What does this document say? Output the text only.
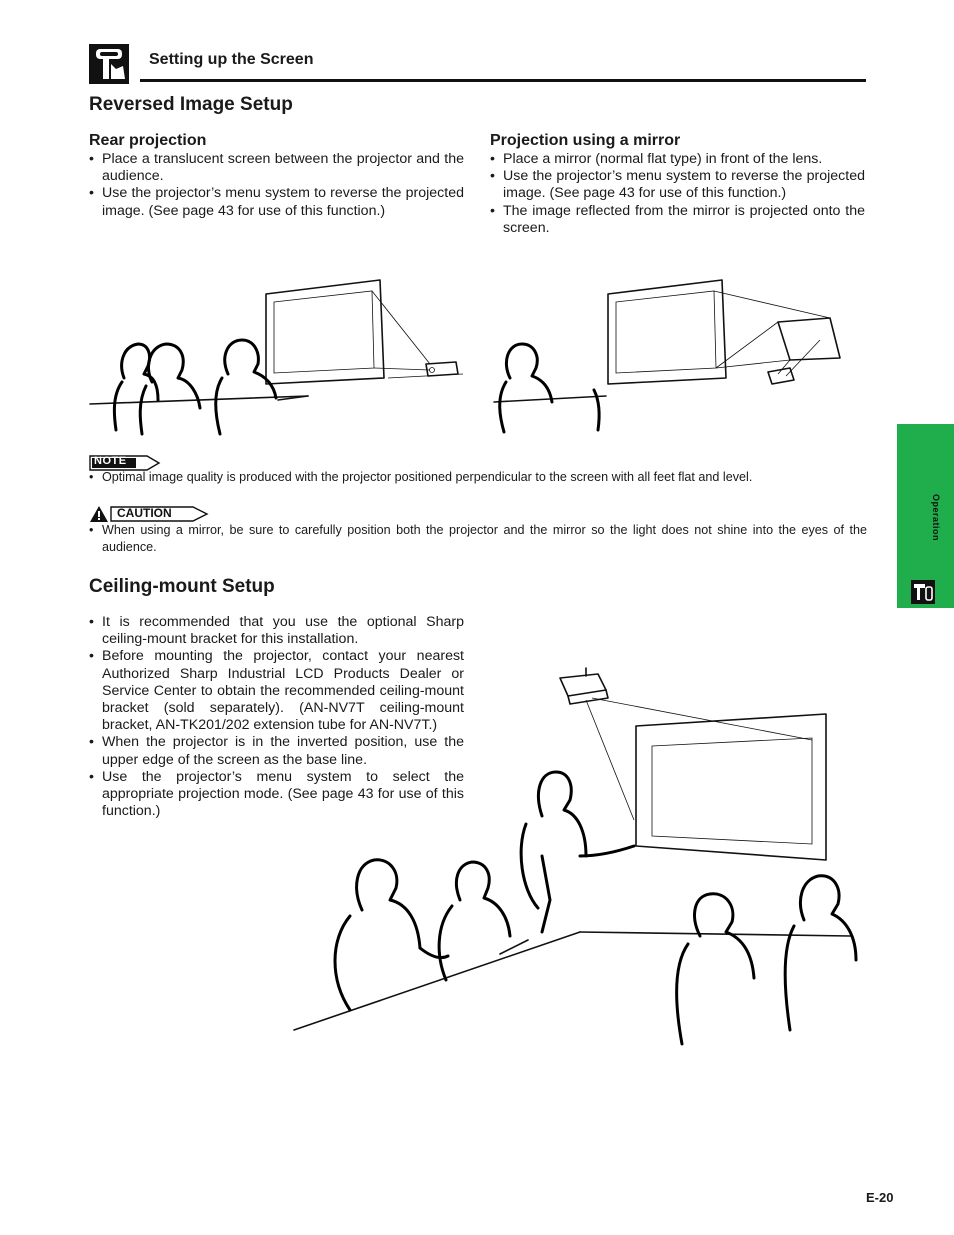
Setting up the Screen
Reversed Image Setup
Rear projection
• Place a translucent screen between the projector and the audience.
• Use the projector’s menu system to reverse the projected image. (See page 43 for use of this function.)
Projection using a mirror
• Place a mirror (normal flat type) in front of the lens.
• Use the projector’s menu system to reverse the projected image. (See page 43 for use of this function.)
• The image reflected from the mirror is projected onto the screen.
NOTE
• Optimal image quality is produced with the projector positioned perpendicular to the screen with all feet flat and level.
CAUTION
• When using a mirror, be sure to carefully position both the projector and the mirror so the light does not shine into the eyes of the audience.
Ceiling-mount Setup
• It is recommended that you use the optional Sharp ceiling-mount bracket for this installation.
• Before mounting the projector, contact your nearest Authorized Sharp Industrial LCD Products Dealer or Service Center to obtain the recommended ceiling-mount bracket (sold separately). (AN-NV7T ceiling-mount bracket, AN-TK201/202 extension tube for AN-NV7T.)
• When the projector is in the inverted position, use the upper edge of the screen as the base line.
• Use the projector’s menu system to select the appropriate projection mode. (See page 43 for use of this function.)
Operation
E-20
